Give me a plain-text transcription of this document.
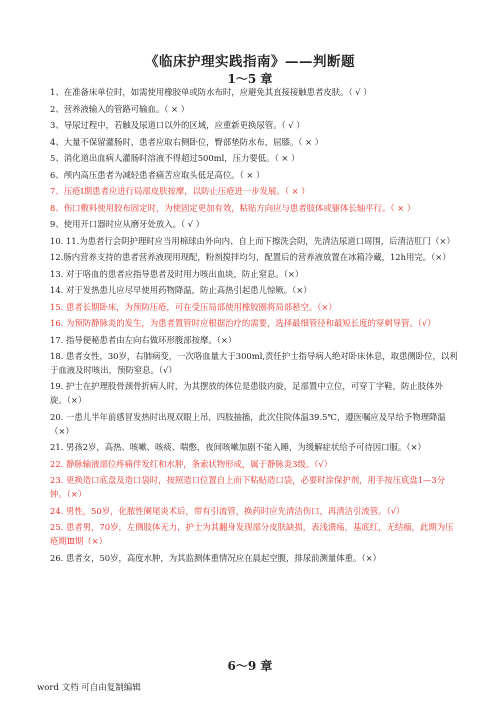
《临床护理实践指南》——判断题
1～5 章
1、在准备床单位时，如需使用橡胶单或防水布时，应避免其直接接触患者皮肤。（ √ ）
2、营养液输入的管路可输血。（ × ）
3、导尿过程中，若触及尿道口以外的区域，应重新更换尿管。（ √ ）
4、大量不保留灌肠时，患者应取右侧卧位，臀部垫防水布，屈膝。（ × ）
5、消化道出血病人灌肠时溶液不得超过500ml，压力要低。（ × ）
6、颅内高压患者为减轻患者痛苦应取头低足高位。（ × ）
7、压疮Ⅰ期患者应进行局部皮肤按摩，以防止压疮进一步发展。（ × ）
8、伤口敷料使用胶布固定时，为使固定更加有效，粘贴方向应与患者肢体或躯体长轴平行。（ × ）
9、使用开口器时应从磨牙处放入。（ √ ）
10. 11.为患者行会阴护理时应当用棉球由外向内、自上而下擦洗会阴，先清洁尿道口周围，后清洁肛门（×）
12.肠内营养支持的患者营养液现用现配，粉剂搅拌均匀，配置后的营养液放置在冰箱冷藏，12h用完。（×）
13. 对于咯血的患者应指导患者及时用力咳出血块，防止窒息。（×）
14. 对于发热患儿应尽早使用药物降温，防止高热引起患儿惊厥。（×）
15. 患者长期卧床，为预防压疮，可在受压局部使用橡胶圈将局部悬空。（×）
16. 为预防静脉炎的发生，为患者置管时应根据治疗的需要，选择最细管径和最短长度的穿刺导管。（√）
17. 指导便秘患者由左向右做环形腹部按摩。（×）
18. 患者女性，30岁，右肺病变，一次咯血量大于300ml,责任护士指导病人绝对卧床休息，取患侧卧位，以利于血液及时咳出，预防窒息。（√）
19. 护士在护理股骨颈骨折病人时，为其摆放的体位是患肢内旋，足部置中立位，可穿丁字鞋，防止肢体外旋。（×）
20. 一患儿半年前感冒发热时出现双眼上吊，四肢抽搐，此次住院体温39.5℃，遵医嘱应及早给予物理降温（×）
21. 男孩2岁，高热、咳嗽、咳痰、喘憋，夜间咳嗽加剧不能入睡，为缓解症状给予可待因口服。（×）
22. 静脉输液部位疼痛伴发红和水肿，条索状物形成，属于静脉炎3级。（√）
23. 更换造口底盘及造口袋时，按照造口位置自上而下粘贴造口袋，必要时涂保护剂，用手按压底盘1—3分钟。（×）
24. 男性，50岁，化脓性阑尾炎术后，带有引流管，换药时应先清洁伤口，再清洁引流管。（√）
25. 患者男，70岁，左侧肢体无力，护士为其翻身发现部分皮肤缺损，表浅溃疡，基底红，无结痂，此期为压疮期Ⅲ期（×）
26. 患者女，50岁，高度水肿，为其监测体重情况应在晨起空腹，排尿前测量体重。（×）
6～9 章
word 文档 可自由复制编辑
